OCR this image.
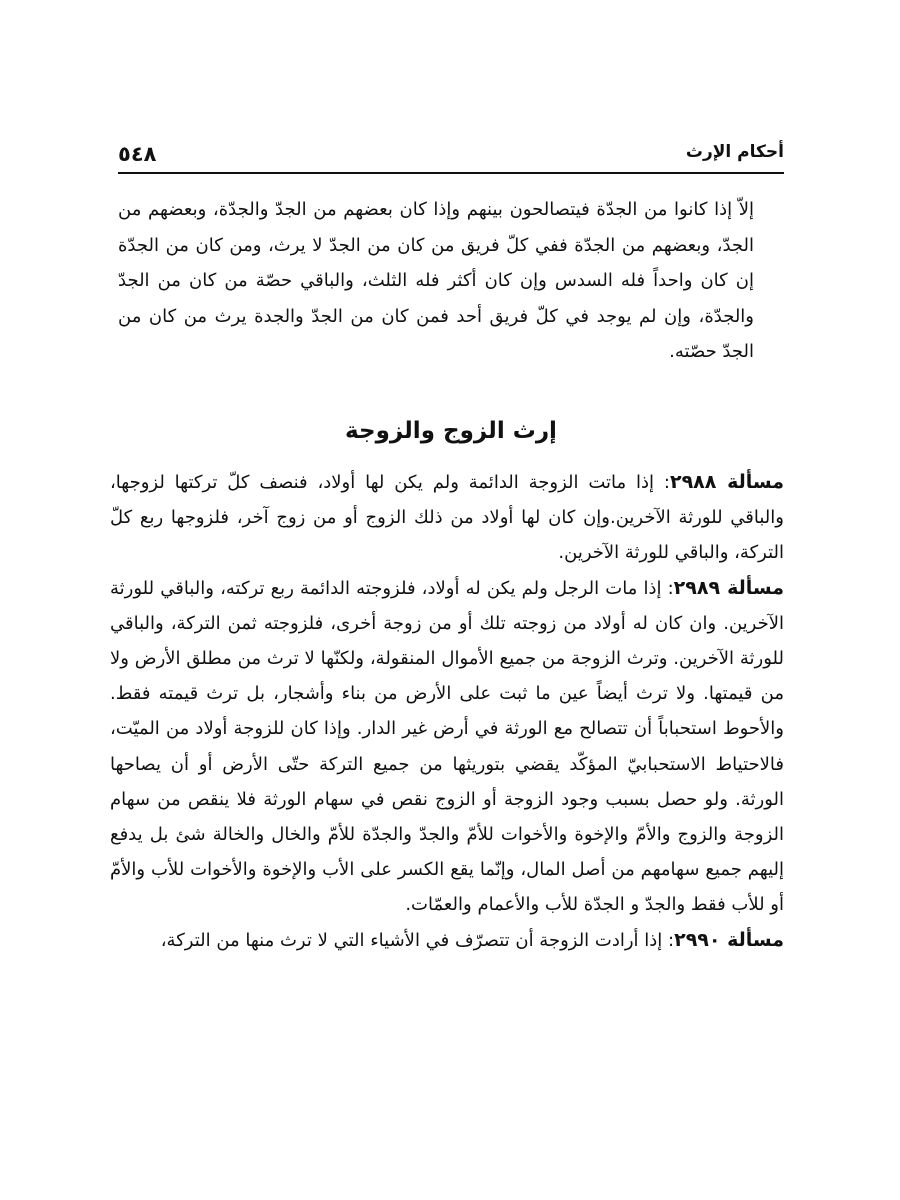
٥٤٨	أحكام الإرث

إلاّ إذا كانوا من الجدّة فيتصالحون بينهم وإذا كان بعضهم من الجدّ والجدّة، وبعضهم من الجدّ، وبعضهم من الجدّة ففي كلّ فريق من كان من الجدّ لا يرث، ومن كان من الجدّة إن كان واحداً فله السدس وإن كان أكثر فله الثلث، والباقي حصّة من كان من الجدّ والجدّة، وإن لم يوجد في كلّ فريق أحد فمن كان من الجدّ والجدة يرث من كان من الجدّ حصّته.

إرث الزوج والزوجة
مسألة ٢٩٨٨: إذا ماتت الزوجة الدائمة ولم يكن لها أولاد، فنصف كلّ تركتها لزوجها، والباقي للورثة الآخرين.وإن كان لها أولاد من ذلك الزوج أو من زوج آخر، فلزوجها ربع كلّ التركة، والباقي للورثة الآخرين.
مسألة ٢٩٨٩: إذا مات الرجل ولم يكن له أولاد، فلزوجته الدائمة ربع تركته، والباقي للورثة الآخرين. وان كان له أولاد من زوجته تلك أو من زوجة أخرى، فلزوجته ثمن التركة، والباقي للورثة الآخرين. وترث الزوجة من جميع الأموال المنقولة، ولكنّها لا ترث من مطلق الأرض ولا من قيمتها. ولا ترث أيضاً عين ما ثبت على الأرض من بناء وأشجار، بل ترث قيمته فقط. والأحوط استحباباً أن تتصالح مع الورثة في أرض غير الدار. وإذا كان للزوجة أولاد من الميّت، فالاحتياط الاستحبابيّ المؤكّد يقضي بتوريثها من جميع التركة حتّى الأرض أو أن يصاحها الورثة. ولو حصل بسبب وجود الزوجة أو الزوج نقص في سهام الورثة فلا ينقص من سهام الزوجة والزوج والأمّ والإخوة والأخوات للأمّ والجدّ والجدّة للأمّ والخال والخالة شئ بل يدفع إليهم جميع سهامهم من أصل المال، وإنّما يقع الكسر على الأب والإخوة والأخوات للأب والأمّ أو للأب فقط والجدّ و الجدّة للأب والأعمام والعمّات.
مسألة ٢٩٩٠: إذا أرادت الزوجة أن تتصرّف في الأشياء التي لا ترث منها من التركة،
